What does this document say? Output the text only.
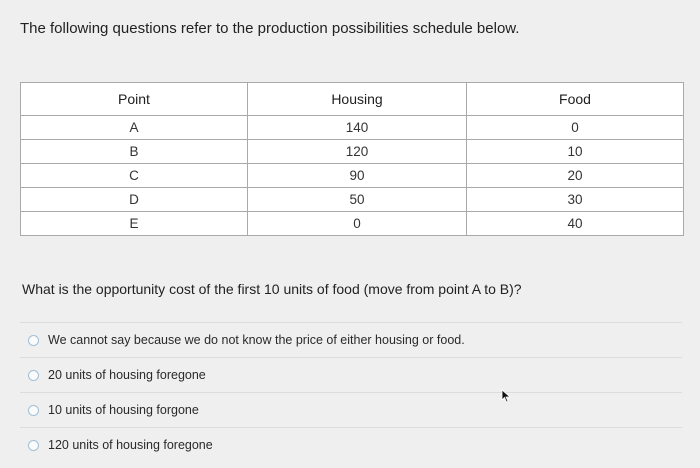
The following questions refer to the production possibilities schedule below.
Point	Housing	Food
A	140	0
B	120	10
C	90	20
D	50	30
E	0	40
What is the opportunity cost of the first 10 units of food (move from point A to B)?
We cannot say because we do not know the price of either housing or food.
20 units of housing foregone
10 units of housing forgone
120 units of housing foregone
